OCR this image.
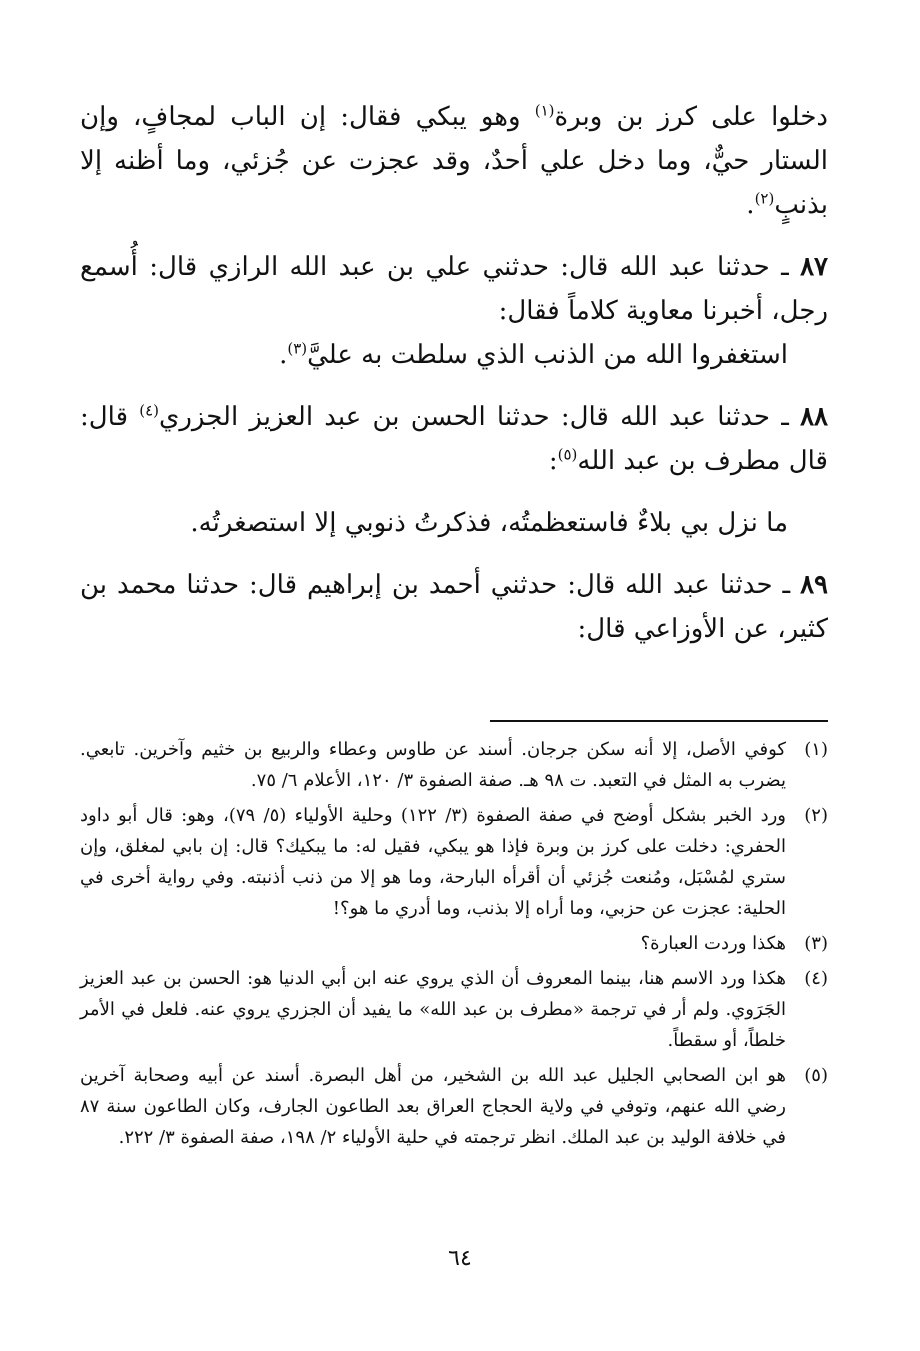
دخلوا على كرز بن وبرة$^{(١)}$ وهو يبكي فقال: إن الباب لمجافٍ، وإن الستار حيٌّ، وما دخل علي أحدٌ، وقد عجزت عن جُزئي، وما أظنه إلا بذنبٍ$^{(٢)}$.

٨٧ ـ حدثنا عبد الله قال: حدثني علي بن عبد الله الرازي قال: أُسمع رجل، أخبرنا معاوية كلاماً فقال:

استغفروا الله من الذنب الذي سلطت به عليَّ$^{(٣)}$.

٨٨ ـ حدثنا عبد الله قال: حدثنا الحسن بن عبد العزيز الجزري$^{(٤)}$ قال: قال مطرف بن عبد الله$^{(٥)}$:

ما نزل بي بلاءٌ فاستعظمتُه، فذكرتُ ذنوبي إلا استصغرتُه.

٨٩ ـ حدثنا عبد الله قال: حدثني أحمد بن إبراهيم قال: حدثنا محمد بن كثير، عن الأوزاعي قال:

(١)
كوفي الأصل، إلا أنه سكن جرجان. أسند عن طاوس وعطاء والربيع بن خثيم وآخرين. تابعي. يضرب به المثل في التعبد. ت ٩٨ هـ. صفة الصفوة ٣/ ١٢٠، الأعلام ٦/ ٧٥.
(٢)
ورد الخبر بشكل أوضح في صفة الصفوة (٣/ ١٢٢) وحلية الأولياء (٥/ ٧٩)، وهو: قال أبو داود الحفري: دخلت على كرز بن وبرة فإذا هو يبكي، فقيل له: ما يبكيك؟ قال: إن بابي لمغلق، وإن ستري لمُسْبَل، ومُنعت جُزئي أن أقرأه البارحة، وما هو إلا من ذنب أذنبته. وفي رواية أخرى في الحلية: عجزت عن حزبي، وما أراه إلا بذنب، وما أدري ما هو؟!
(٣)
هكذا وردت العبارة؟
(٤)
هكذا ورد الاسم هنا، بينما المعروف أن الذي يروي عنه ابن أبي الدنيا هو: الحسن بن عبد العزيز الجَرَوي. ولم أر في ترجمة «مطرف بن عبد الله» ما يفيد أن الجزري يروي عنه. فلعل في الأمر خلطاً، أو سقطاً.
(٥)
هو ابن الصحابي الجليل عبد الله بن الشخير، من أهل البصرة. أسند عن أبيه وصحابة آخرين رضي الله عنهم، وتوفي في ولاية الحجاج العراق بعد الطاعون الجارف، وكان الطاعون سنة ٨٧ في خلافة الوليد بن عبد الملك. انظر ترجمته في حلية الأولياء ٢/ ١٩٨، صفة الصفوة ٣/ ٢٢٢.
٦٤
